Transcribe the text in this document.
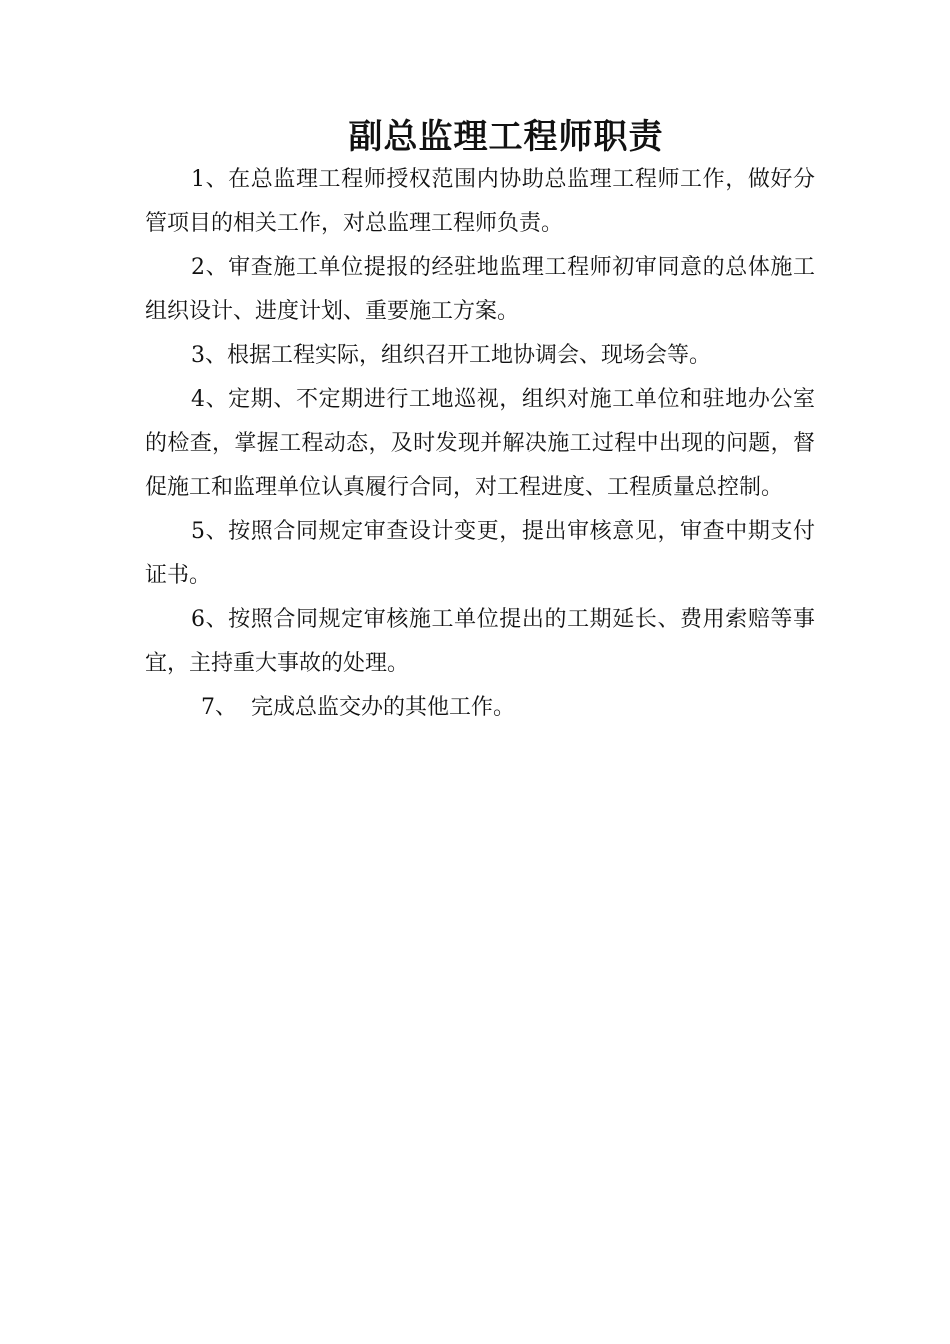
副总监理工程师职责

1、在总监理工程师授权范围内协助总监理工程师工作，做好分管项目的相关工作，对总监理工程师负责。

2、审查施工单位提报的经驻地监理工程师初审同意的总体施工组织设计、进度计划、重要施工方案。

3、根据工程实际，组织召开工地协调会、现场会等。

4、定期、不定期进行工地巡视，组织对施工单位和驻地办公室的检查，掌握工程动态，及时发现并解决施工过程中出现的问题，督促施工和监理单位认真履行合同，对工程进度、工程质量总控制。

5、按照合同规定审查设计变更，提出审核意见，审查中期支付证书。

6、按照合同规定审核施工单位提出的工期延长、费用索赔等事宜，主持重大事故的处理。

7、  完成总监交办的其他工作。
